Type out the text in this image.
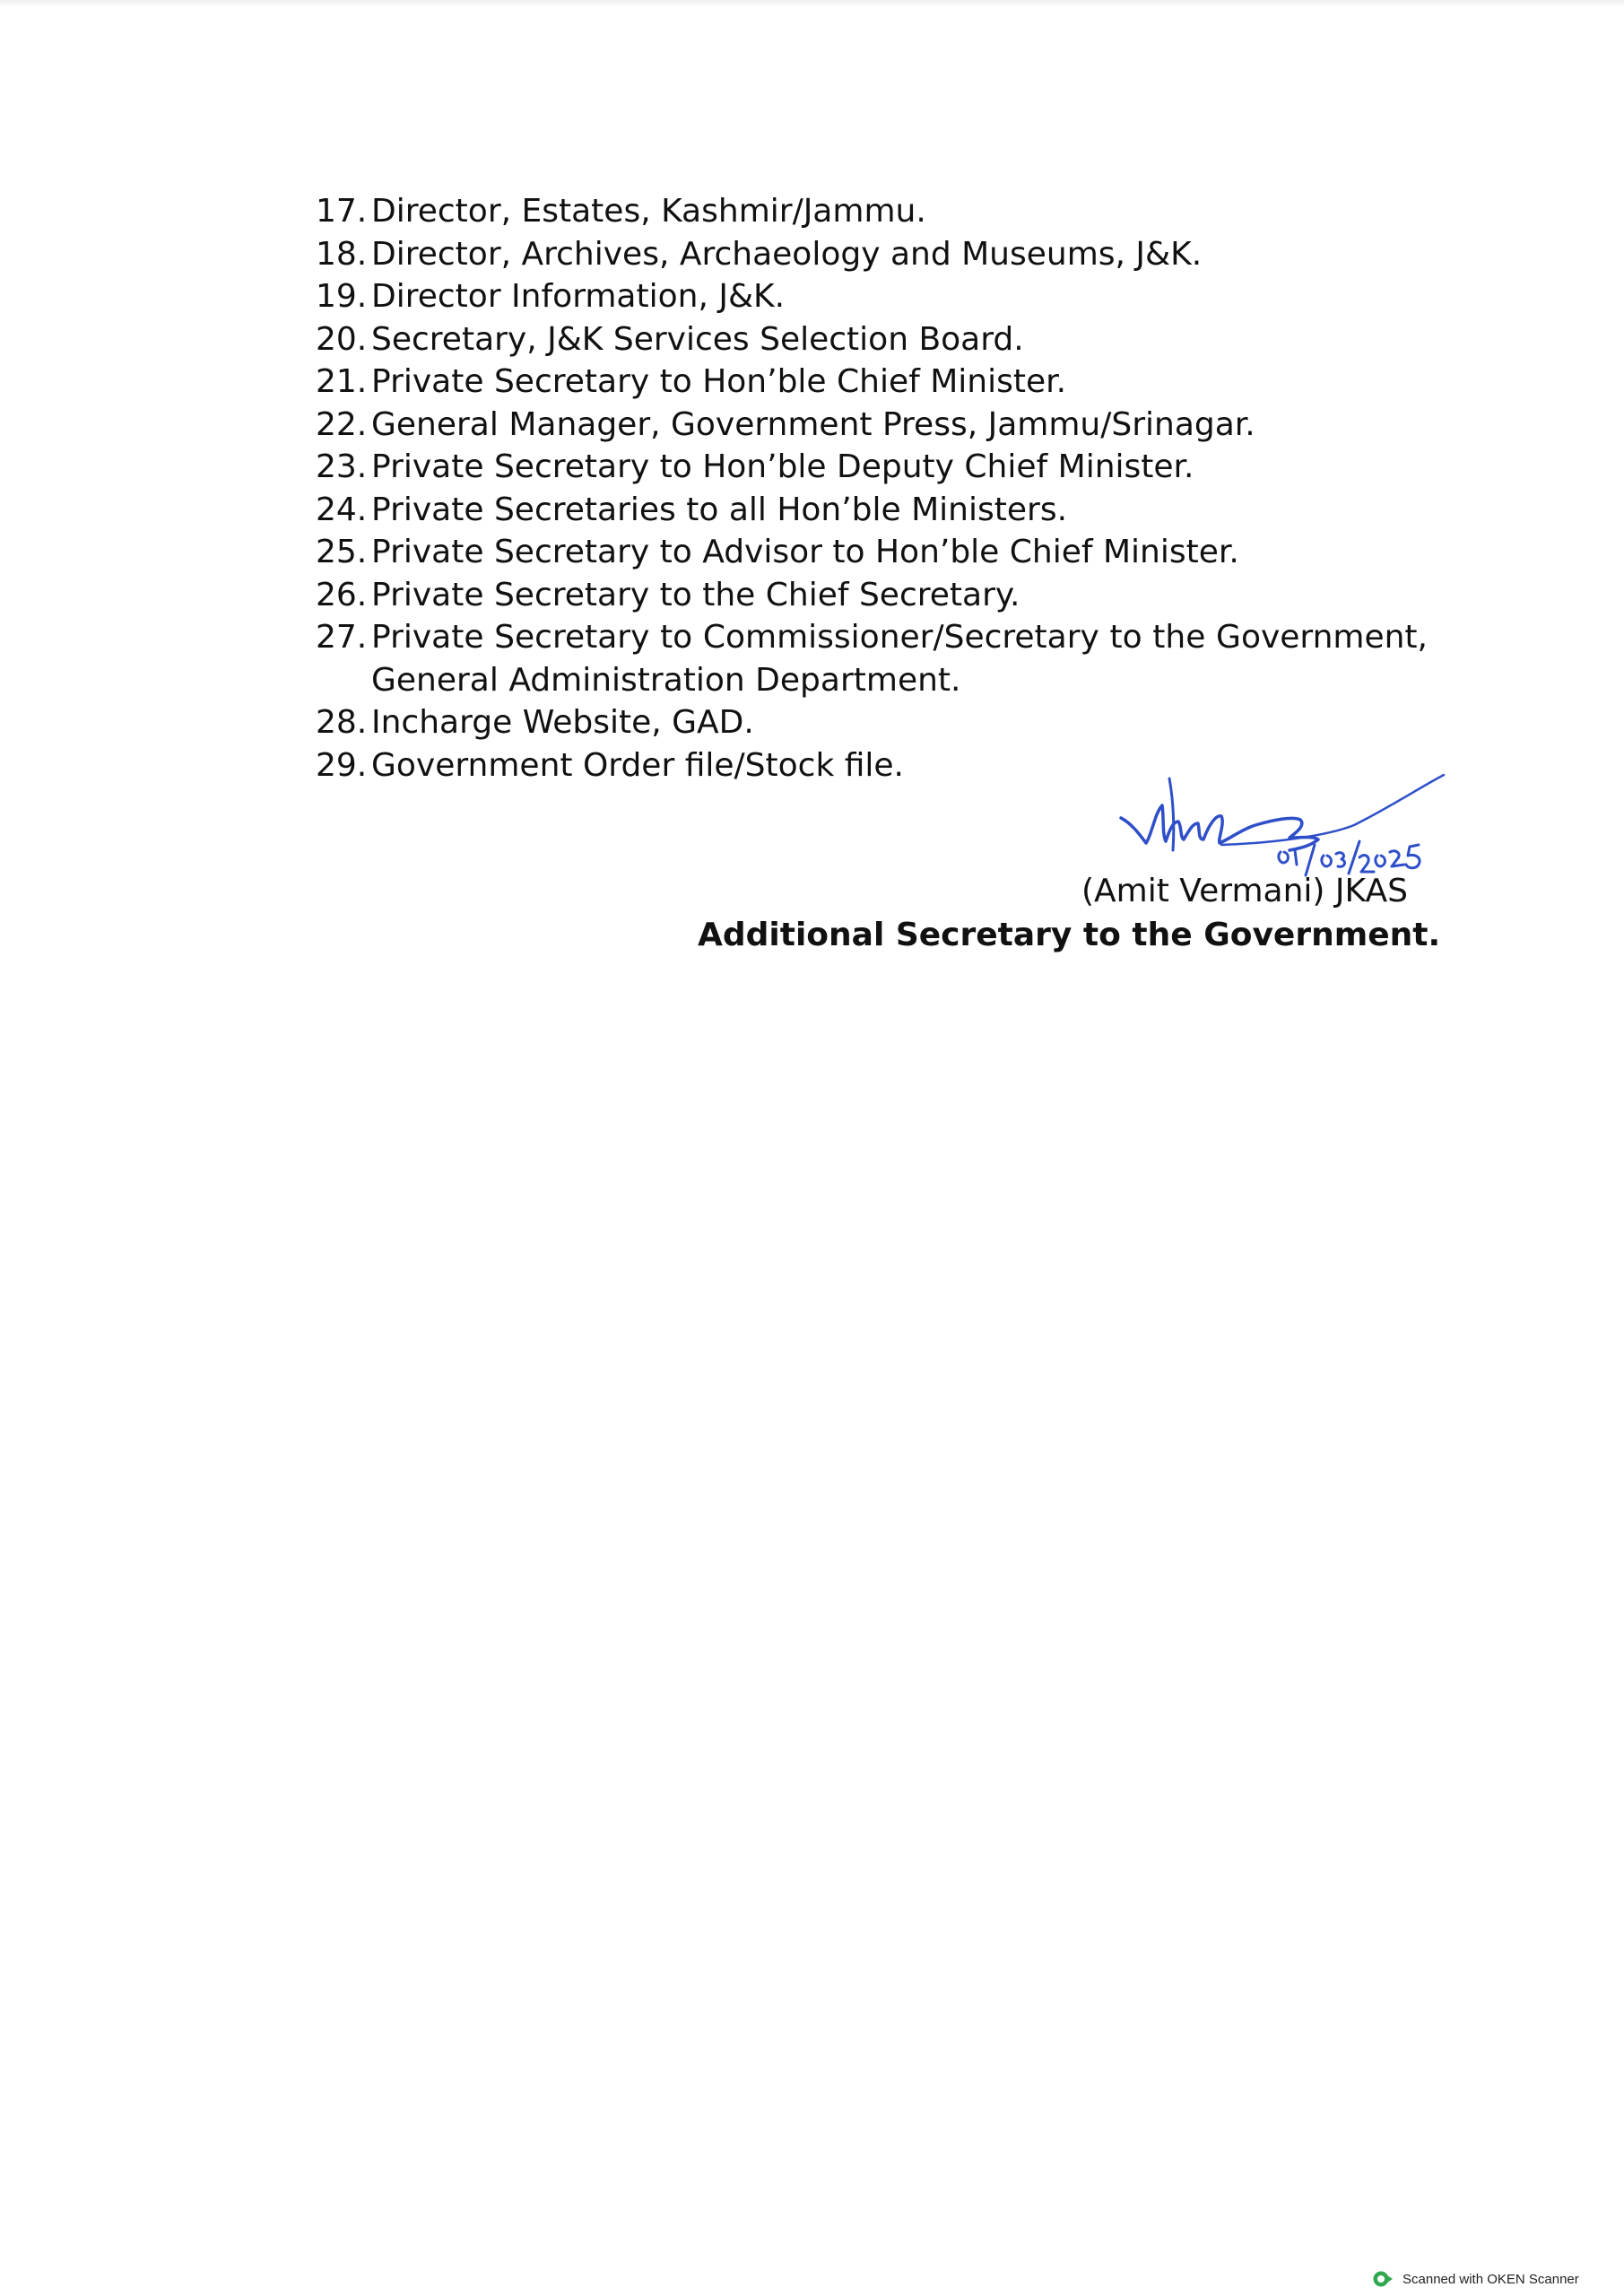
17. Director, Estates, Kashmir/Jammu.
18. Director, Archives, Archaeology and Museums, J&K.
19. Director Information, J&K.
20. Secretary, J&K Services Selection Board.
21. Private Secretary to Hon’ble Chief Minister.
22. General Manager, Government Press, Jammu/Srinagar.
23. Private Secretary to Hon’ble Deputy Chief Minister.
24. Private Secretaries to all Hon’ble Ministers.
25. Private Secretary to Advisor to Hon’ble Chief Minister.
26. Private Secretary to the Chief Secretary.
27. Private Secretary to Commissioner/Secretary to the Government, General Administration Department.
28. Incharge Website, GAD.
29. Government Order file/Stock file.
(Amit Vermani) JKAS
Additional Secretary to the Government.
Scanned with OKEN Scanner
